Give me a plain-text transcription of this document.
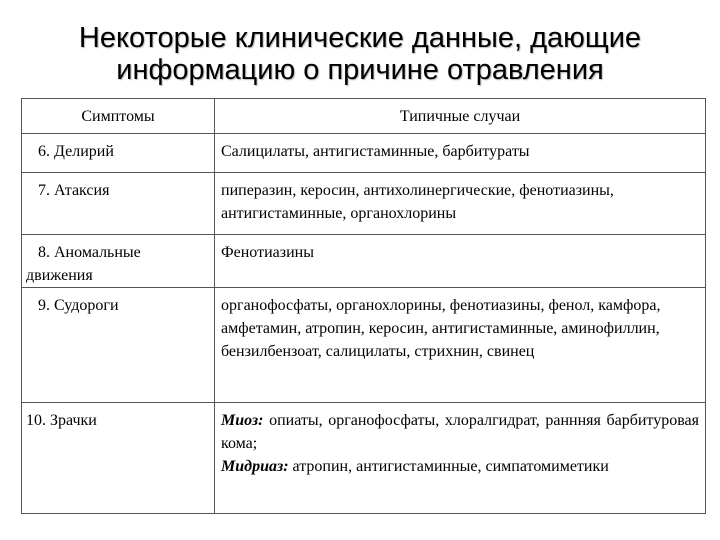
Некоторые клинические данные, дающие
информацию о причине отравления
Симптомы	Типичные случаи
6. Делирий	Салицилаты, антигистаминные, барбитураты
7. Атаксия	пиперазин, керосин, антихолинергические, фенотиазины, антигистаминные, органохлорины
8. Аномальные
движения	Фенотиазины
9. Судороги	органофосфаты, органохлорины, фенотиазины, фенол, камфора, амфетамин, атропин, керосин, антигистаминные, аминофиллин, бензилбензоат, салицилаты, стрихнин, свинец
10. Зрачки	Миоз: опиаты, органофосфаты, хлоралгидрат, раннняя барбитуровая кома;
Мидриаз: атропин, антигистаминные, симпатомиметики
